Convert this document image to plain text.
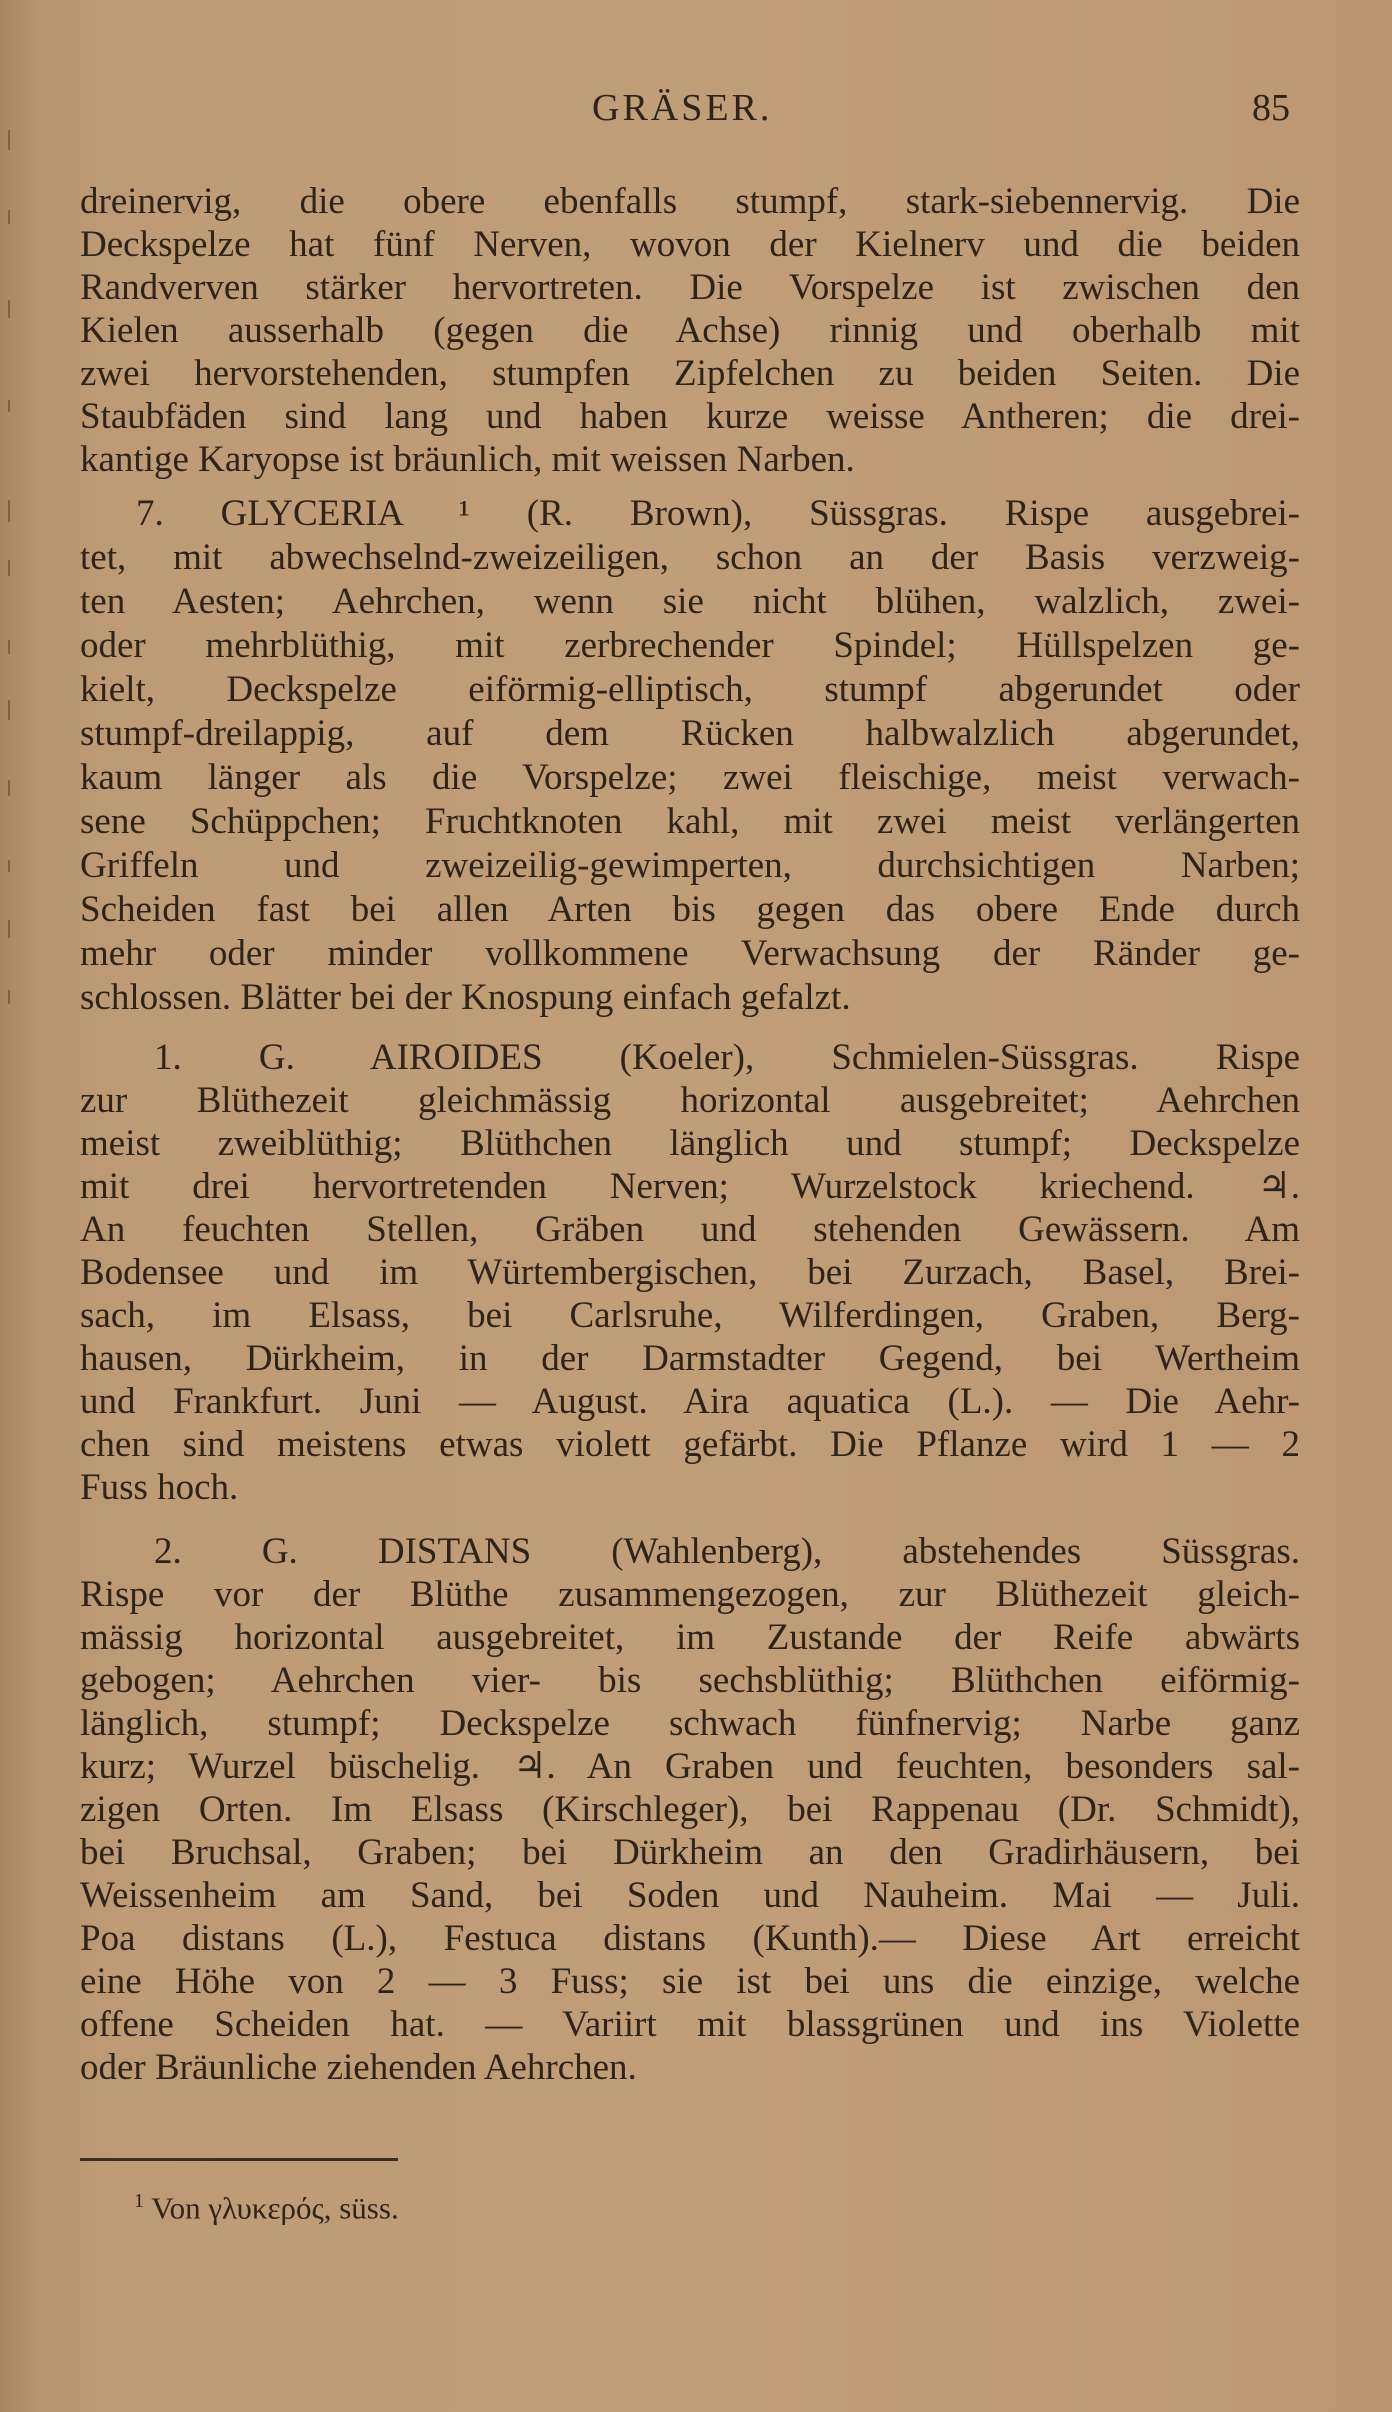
GRÄSER.	85
dreinervig, die obere ebenfalls stumpf, stark-siebennervig. Die
Deckspelze hat fünf Nerven, wovon der Kielnerv und die beiden
Randverven stärker hervortreten. Die Vorspelze ist zwischen den
Kielen ausserhalb (gegen die Achse) rinnig und oberhalb mit
zwei hervorstehenden, stumpfen Zipfelchen zu beiden Seiten. Die
Staubfäden sind lang und haben kurze weisse Antheren; die drei-
kantige Karyopse ist bräunlich, mit weissen Narben.
7. GLYCERIA ¹ (R. Brown), Süssgras. Rispe ausgebrei-
tet, mit abwechselnd-zweizeiligen, schon an der Basis verzweig-
ten Aesten; Aehrchen, wenn sie nicht blühen, walzlich, zwei-
oder mehrblüthig, mit zerbrechender Spindel; Hüllspelzen ge-
kielt, Deckspelze eiförmig-elliptisch, stumpf abgerundet oder
stumpf-dreilappig, auf dem Rücken halbwalzlich abgerundet,
kaum länger als die Vorspelze; zwei fleischige, meist verwach-
sene Schüppchen; Fruchtknoten kahl, mit zwei meist verlängerten
Griffeln und zweizeilig-gewimperten, durchsichtigen Narben;
Scheiden fast bei allen Arten bis gegen das obere Ende durch
mehr oder minder vollkommene Verwachsung der Ränder ge-
schlossen. Blätter bei der Knospung einfach gefalzt.
1. G. AIROIDES (Koeler), Schmielen-Süssgras. Rispe
zur Blüthezeit gleichmässig horizontal ausgebreitet; Aehrchen
meist zweiblüthig; Blüthchen länglich und stumpf; Deckspelze
mit drei hervortretenden Nerven; Wurzelstock kriechend. ♃.
An feuchten Stellen, Gräben und stehenden Gewässern. Am
Bodensee und im Würtembergischen, bei Zurzach, Basel, Brei-
sach, im Elsass, bei Carlsruhe, Wilferdingen, Graben, Berg-
hausen, Dürkheim, in der Darmstadter Gegend, bei Wertheim
und Frankfurt. Juni — August. Aira aquatica (L.). — Die Aehr-
chen sind meistens etwas violett gefärbt. Die Pflanze wird 1 — 2
Fuss hoch.
2. G. DISTANS (Wahlenberg), abstehendes Süssgras.
Rispe vor der Blüthe zusammengezogen, zur Blüthezeit gleich-
mässig horizontal ausgebreitet, im Zustande der Reife abwärts
gebogen; Aehrchen vier- bis sechsblüthig; Blüthchen eiförmig-
länglich, stumpf; Deckspelze schwach fünfnervig; Narbe ganz
kurz; Wurzel büschelig. ♃. An Graben und feuchten, besonders sal-
zigen Orten. Im Elsass (Kirschleger), bei Rappenau (Dr. Schmidt),
bei Bruchsal, Graben; bei Dürkheim an den Gradirhäusern, bei
Weissenheim am Sand, bei Soden und Nauheim. Mai — Juli.
Poa distans (L.), Festuca distans (Kunth).— Diese Art erreicht
eine Höhe von 2 — 3 Fuss; sie ist bei uns die einzige, welche
offene Scheiden hat. — Variirt mit blassgrünen und ins Violette
oder Bräunliche ziehenden Aehrchen.
$^1$ Von γλυκερός, süss.
